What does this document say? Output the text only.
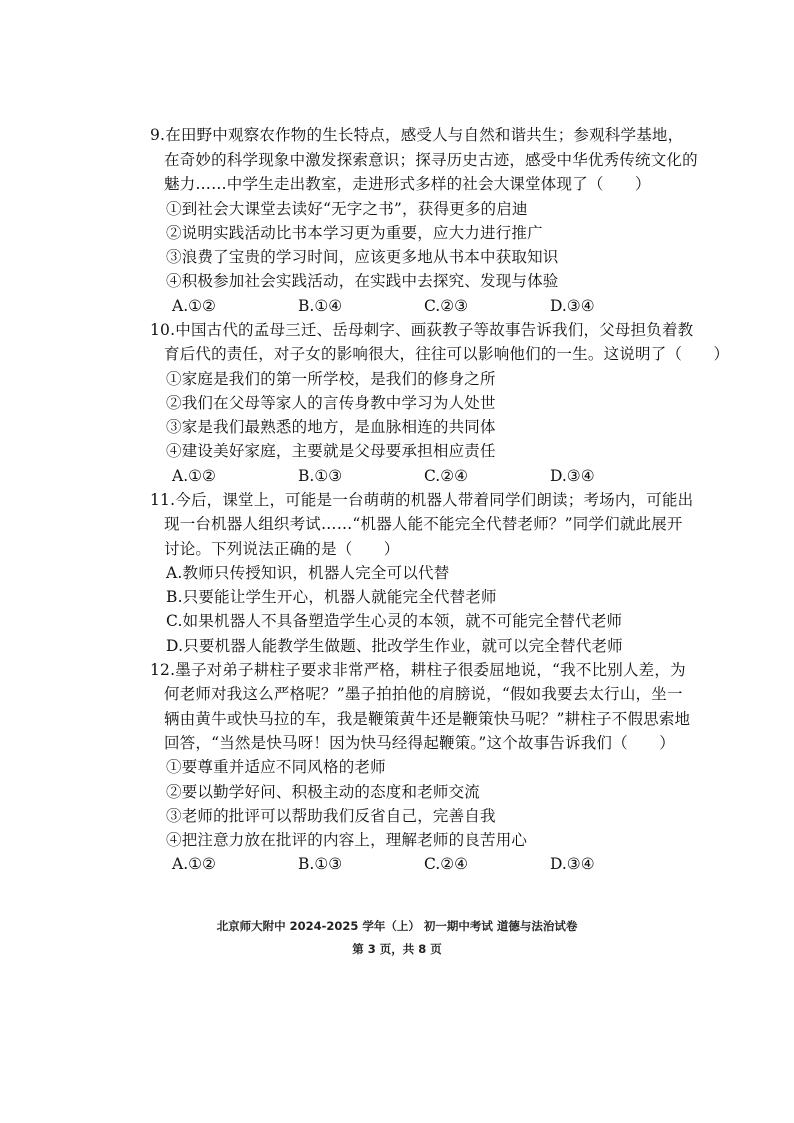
9.在田野中观察农作物的生长特点，感受人与自然和谐共生；参观科学基地，
在奇妙的科学现象中激发探索意识；探寻历史古迹，感受中华优秀传统文化的
魅力……中学生走出教室，走进形式多样的社会大课堂体现了（　　）
①到社会大课堂去读好“无字之书”，获得更多的启迪
②说明实践活动比书本学习更为重要，应大力进行推广
③浪费了宝贵的学习时间，应该更多地从书本中获取知识
④积极参加社会实践活动，在实践中去探究、发现与体验
A.①②	B.①④	C.②③	D.③④
10.中国古代的孟母三迁、岳母刺字、画荻教子等故事告诉我们，父母担负着教
育后代的责任，对子女的影响很大，往往可以影响他们的一生。这说明了（　　）
①家庭是我们的第一所学校，是我们的修身之所
②我们在父母等家人的言传身教中学习为人处世
③家是我们最熟悉的地方，是血脉相连的共同体
④建设美好家庭，主要就是父母要承担相应责任
A.①②	B.①③	C.②④	D.③④
11.今后，课堂上，可能是一台萌萌的机器人带着同学们朗读；考场内，可能出
现一台机器人组织考试……“机器人能不能完全代替老师？”同学们就此展开
讨论。下列说法正确的是（　　）
A.教师只传授知识，机器人完全可以代替
B.只要能让学生开心，机器人就能完全代替老师
C.如果机器人不具备塑造学生心灵的本领，就不可能完全替代老师
D.只要机器人能教学生做题、批改学生作业，就可以完全替代老师
12.墨子对弟子耕柱子要求非常严格，耕柱子很委屈地说，“我不比别人差，为
何老师对我这么严格呢？”墨子拍拍他的肩膀说，“假如我要去太行山，坐一
辆由黄牛或快马拉的车，我是鞭策黄牛还是鞭策快马呢？”耕柱子不假思索地
回答，“当然是快马呀！因为快马经得起鞭策。”这个故事告诉我们（　　）
①要尊重并适应不同风格的老师
②要以勤学好问、积极主动的态度和老师交流
③老师的批评可以帮助我们反省自己，完善自我
④把注意力放在批评的内容上，理解老师的良苦用心
A.①②	B.①③	C.②④	D.③④
北京师大附中 2024-2025 学年（上） 初一期中考试 道德与法治试卷
第 3 页，共 8 页
